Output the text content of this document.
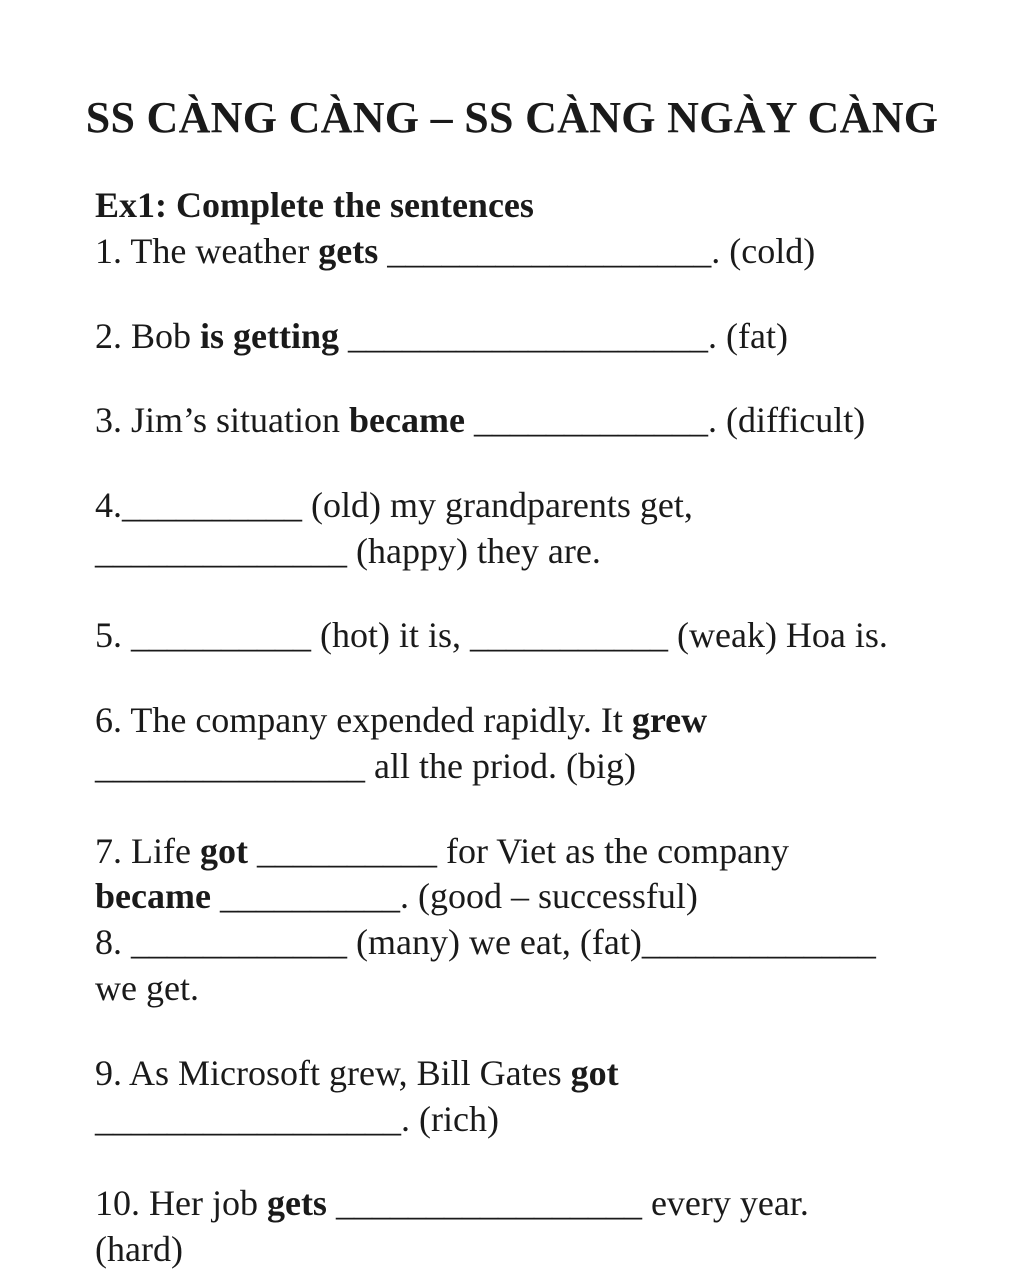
SS CÀNG CÀNG – SS CÀNG NGÀY CÀNG

Ex1: Complete the sentences

1. The weather gets __________________. (cold)

2. Bob is getting ____________________. (fat)

3. Jim’s situation became _____________. (difficult)

4.__________ (old) my grandparents get,

______________ (happy) they are.

5. __________ (hot) it is, ___________ (weak) Hoa is.

6. The company expended rapidly. It grew

_______________ all the priod. (big)

7. Life got __________ for Viet as the company

became __________. (good – successful)

8. ____________ (many) we eat, (fat)_____________

we get.

9. As Microsoft grew, Bill Gates got

_________________. (rich)

10. Her job gets _________________ every year.

(hard)
